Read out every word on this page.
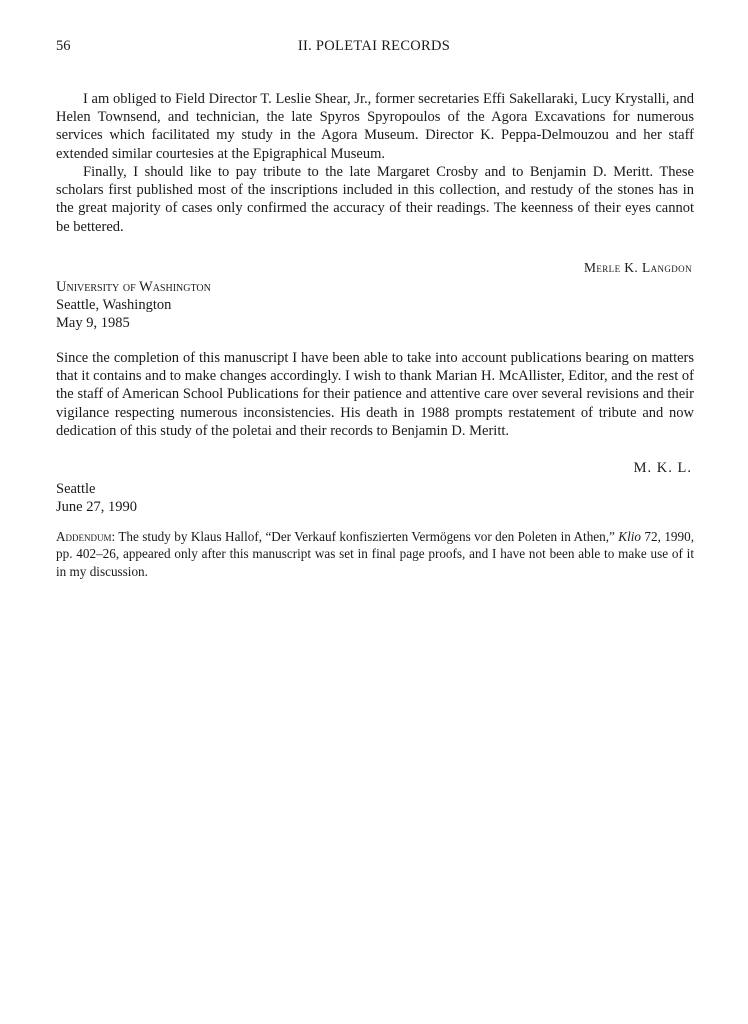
56	II. POLETAI RECORDS

I am obliged to Field Director T. Leslie Shear, Jr., former secretaries Effi Sakellaraki, Lucy Krystalli, and Helen Townsend, and technician, the late Spyros Spyropoulos of the Agora Excavations for numerous services which facilitated my study in the Agora Museum. Director K. Peppa-Delmouzou and her staff extended similar courtesies at the Epigraphical Museum.

Finally, I should like to pay tribute to the late Margaret Crosby and to Benjamin D. Meritt. These scholars first published most of the inscriptions included in this collection, and restudy of the stones has in the great majority of cases only confirmed the accuracy of their readings. The keenness of their eyes cannot be bettered.

Merle K. Langdon
University of Washington
Seattle, Washington
May 9, 1985

Since the completion of this manuscript I have been able to take into account publications bearing on matters that it contains and to make changes accordingly. I wish to thank Marian H. McAllister, Editor, and the rest of the staff of American School Publications for their patience and attentive care over several revisions and their vigilance respecting numerous inconsistencies. His death in 1988 prompts restatement of tribute and now dedication of this study of the poletai and their records to Benjamin D. Meritt.

M. K. L.
Seattle
June 27, 1990
Addendum: The study by Klaus Hallof, “Der Verkauf konfiszierten Vermögens vor den Poleten in Athen,” Klio 72, 1990, pp. 402–26, appeared only after this manuscript was set in final page proofs, and I have not been able to make use of it in my discussion.
